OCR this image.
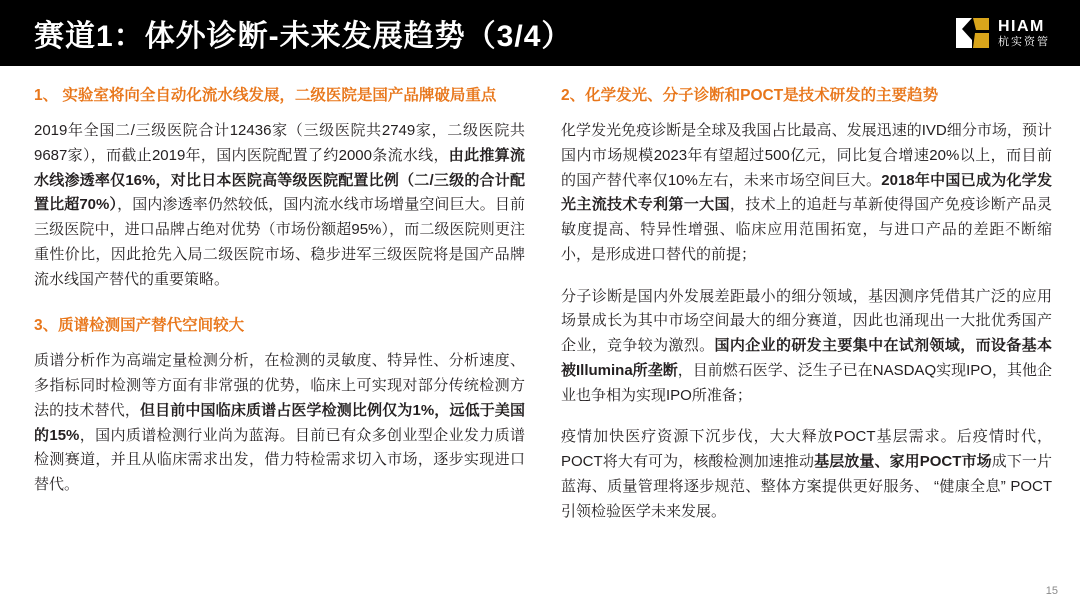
赛道1：体外诊断-未来发展趋势（3/4）	HIAM
杭实资管
1、 实验室将向全自动化流水线发展，二级医院是国产品牌破局重点
2019年全国二/三级医院合计12436家（三级医院共2749家，二级医院共9687家），而截止2019年，国内医院配置了约2000条流水线，由此推算流水线渗透率仅16%，对比日本医院高等级医院配置比例（二/三级的合计配置比超70%），国内渗透率仍然较低，国内流水线市场增量空间巨大。目前三级医院中，进口品牌占绝对优势（市场份额超95%），而二级医院则更注重性价比，因此抢先入局二级医院市场、稳步进军三级医院将是国产品牌流水线国产替代的重要策略。
3、质谱检测国产替代空间较大
质谱分析作为高端定量检测分析，在检测的灵敏度、特异性、分析速度、多指标同时检测等方面有非常强的优势，临床上可实现对部分传统检测方法的技术替代，但目前中国临床质谱占医学检测比例仅为1%，远低于美国的15%，国内质谱检测行业尚为蓝海。目前已有众多创业型企业发力质谱检测赛道，并且从临床需求出发，借力特检需求切入市场，逐步实现进口替代。
2、化学发光、分子诊断和POCT是技术研发的主要趋势
化学发光免疫诊断是全球及我国占比最高、发展迅速的IVD细分市场，预计国内市场规模2023年有望超过500亿元，同比复合增速20%以上，而目前的国产替代率仅10%左右，未来市场空间巨大。2018年中国已成为化学发光主流技术专利第一大国，技术上的追赶与革新使得国产免疫诊断产品灵敏度提高、特异性增强、临床应用范围拓宽，与进口产品的差距不断缩小，是形成进口替代的前提；
分子诊断是国内外发展差距最小的细分领域，基因测序凭借其广泛的应用场景成长为其中市场空间最大的细分赛道，因此也涌现出一大批优秀国产企业，竞争较为激烈。国内企业的研发主要集中在试剂领域，而设备基本被Illumina所垄断，目前燃石医学、泛生子已在NASDAQ实现IPO，其他企业也争相为实现IPO所准备；
疫情加快医疗资源下沉步伐，大大释放POCT基层需求。后疫情时代，POCT将大有可为，核酸检测加速推动基层放量、家用POCT市场成下一片蓝海、质量管理将逐步规范、整体方案提供更好服务、 “健康全息” POCT引领检验医学未来发展。
15
